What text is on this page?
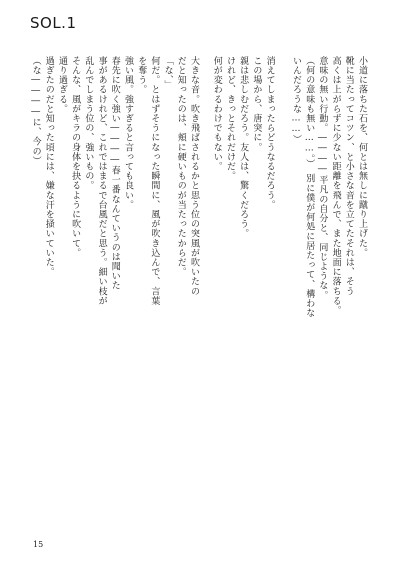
SOL.1
小道に落ちた石を、何とは無しに蹴り上げた。
靴に当たってコツン、と小さな音を立てたそれは、そう
高くは上がらずに少ない距離を飛んで、また地面に落ちる。
意味の無い行動。――――平凡の自分と、同じような。
（何の意味も無い……。）　別に僕が何処に居たって、構わな
いんだろうな……）

消えてしまったらどうなるだろう。
この場から、唐突に。
親は悲しむだろう。友人は、驚くだろう。
けれど、きっとそれだけだ。
何が変わるわけでもない。

大きな音。吹き飛ばされるかと思う位の突風が吹いたの
だと知ったのは、頬に硬いものが当たったからだ。
「な、」
何だ。とはずそうになった瞬間に、風が吹き込んで、言葉
を奪う。
強い風。強すぎると言っても良い。
春先に吹く強い――――春一番なんていうのは聞いた
事があるけれど、これではまるで台風だと思う。細い枝が
乱んでしまう位の、強いもの。
そんな、風がキラの身体を抉るように吹いて。
通り過ぎる。
過ぎたのだと知った頃には、嫌な汗を掻いていた。
（な――――に、今の）
15
